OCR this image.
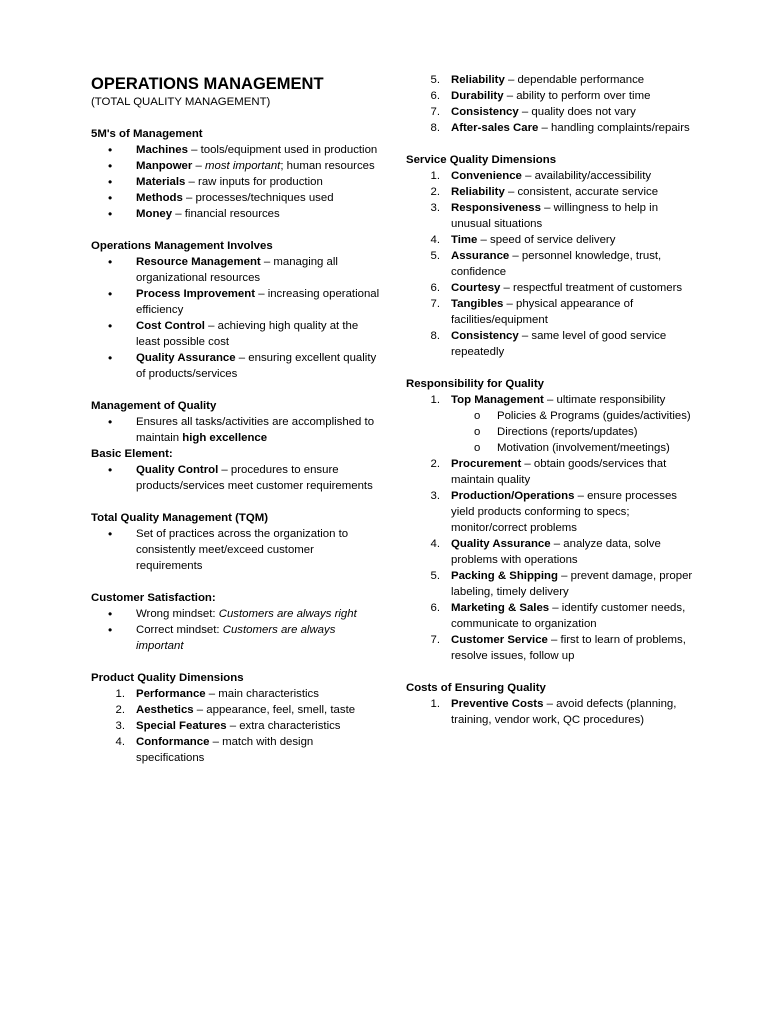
OPERATIONS MANAGEMENT

(TOTAL QUALITY MANAGEMENT)

5M's of Management

• Machines – tools/equipment used in production
• Manpower – most important; human resources
• Materials – raw inputs for production
• Methods – processes/techniques used
• Money – financial resources

Operations Management Involves

• Resource Management – managing all organizational resources
• Process Improvement – increasing operational efficiency
• Cost Control – achieving high quality at the least possible cost
• Quality Assurance – ensuring excellent quality of products/services

Management of Quality

• Ensures all tasks/activities are accomplished to maintain high excellence

Basic Element:

• Quality Control – procedures to ensure products/services meet customer requirements

Total Quality Management (TQM)

• Set of practices across the organization to consistently meet/exceed customer requirements

Customer Satisfaction:

• Wrong mindset: Customers are always right
• Correct mindset: Customers are always important

Product Quality Dimensions

1. Performance – main characteristics
2. Aesthetics – appearance, feel, smell, taste
3. Special Features – extra characteristics
4. Conformance – match with design specifications
5. Reliability – dependable performance
6. Durability – ability to perform over time
7. Consistency – quality does not vary
8. After-sales Care – handling complaints/repairs

Service Quality Dimensions

1. Convenience – availability/accessibility
2. Reliability – consistent, accurate service
3. Responsiveness – willingness to help in unusual situations
4. Time – speed of service delivery
5. Assurance – personnel knowledge, trust, confidence
6. Courtesy – respectful treatment of customers
7. Tangibles – physical appearance of facilities/equipment
8. Consistency – same level of good service repeatedly

Responsibility for Quality

1. Top Management – ultimate responsibility
o Policies & Programs (guides/activities)
o Directions (reports/updates)
o Motivation (involvement/meetings)
2. Procurement – obtain goods/services that maintain quality
3. Production/Operations – ensure processes yield products conforming to specs; monitor/correct problems
4. Quality Assurance – analyze data, solve problems with operations
5. Packing & Shipping – prevent damage, proper labeling, timely delivery
6. Marketing & Sales – identify customer needs, communicate to organization
7. Customer Service – first to learn of problems, resolve issues, follow up

Costs of Ensuring Quality

1. Preventive Costs – avoid defects (planning, training, vendor work, QC procedures)
